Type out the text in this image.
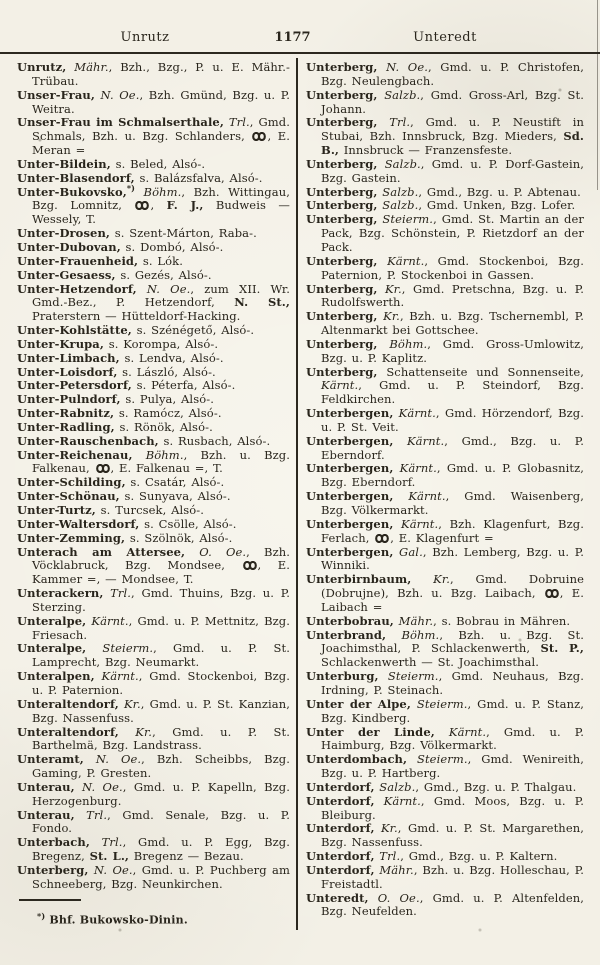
Unrutz	1177	Unteredt

Unrutz, Mähr., Bzh., Bzg., P. u. E. Mähr.-Trübau.

Unser-Frau, N. Oe., Bzh. Gmünd, Bzg. u. P. Weitra.

Unser-Frau im Schmalserthale, Trl., Gmd. Schmals, Bzh. u. Bzg. Schlanders, , E. Meran =

Unter-Bildein, s. Beled, Alsó-.

Unter-Blasendorf, s. Balázsfalva, Alsó-.

Unter-Bukovsko,*) Böhm., Bzh. Wittingau, Bzg. Lomnitz, , F. J., Budweis — Wessely, T.

Unter-Drosen, s. Szent-Márton, Raba-.

Unter-Dubovan, s. Dombó, Alsó-.

Unter-Frauenheid, s. Lók.

Unter-Gesaess, s. Gezés, Alsó-.

Unter-Hetzendorf, N. Oe., zum XII. Wr. Gmd.-Bez., P. Hetzendorf, N. St., Praterstern — Hütteldorf-Hacking.

Unter-Kohlstätte, s. Szénégető, Alsó-.

Unter-Krupa, s. Korompa, Alsó-.

Unter-Limbach, s. Lendva, Alsó-.

Unter-Loisdorf, s. László, Alsó-.

Unter-Petersdorf, s. Péterfa, Alsó-.

Unter-Pulndorf, s. Pulya, Alsó-.

Unter-Rabnitz, s. Ramócz, Alsó-.

Unter-Radling, s. Rönök, Alsó-.

Unter-Rauschenbach, s. Rusbach, Alsó-.

Unter-Reichenau, Böhm., Bzh. u. Bzg. Falkenau, , E. Falkenau =, T.

Unter-Schilding, s. Csatár, Alsó-.

Unter-Schönau, s. Sunyava, Alsó-.

Unter-Turtz, s. Turcsek, Alsó-.

Unter-Waltersdorf, s. Csölle, Alsó-.

Unter-Zemming, s. Szölnök, Alsó-.

Unterach am Attersee, O. Oe., Bzh. Vöcklabruck, Bzg. Mondsee, , E. Kammer =, — Mondsee, T.

Unterackern, Trl., Gmd. Thuins, Bzg. u. P. Sterzing.

Unteralpe, Kärnt., Gmd. u. P. Mettnitz, Bzg. Friesach.

Unteralpe, Steierm., Gmd. u. P. St. Lamprecht, Bzg. Neumarkt.

Unteralpen, Kärnt., Gmd. Stockenboi, Bzg. u. P. Paternion.

Unteraltendorf, Kr., Gmd. u. P. St. Kanzian, Bzg. Nassenfuss.

Unteraltendorf, Kr., Gmd. u. P. St. Barthelmä, Bzg. Landstrass.

Unteramt, N. Oe., Bzh. Scheibbs, Bzg. Gaming, P. Gresten.

Unterau, N. Oe., Gmd. u. P. Kapelln, Bzg. Herzogenburg.

Unterau, Trl., Gmd. Senale, Bzg. u. P. Fondo.

Unterbach, Trl., Gmd. u. P. Egg, Bzg. Bregenz, St. L., Bregenz — Bezau.

Unterberg, N. Oe., Gmd. u. P. Puchberg am Schneeberg, Bzg. Neunkirchen.

Unterberg, N. Oe., Gmd. u. P. Christofen, Bzg. Neulengbach.

Unterberg, Salzb., Gmd. Gross-Arl, Bzg. St. Johann.

Unterberg, Trl., Gmd. u. P. Neustift in Stubai, Bzh. Innsbruck, Bzg. Mieders, Sd. B., Innsbruck — Franzensfeste.

Unterberg, Salzb., Gmd. u. P. Dorf-Gastein, Bzg. Gastein.

Unterberg, Salzb., Gmd., Bzg. u. P. Abtenau.

Unterberg, Salzb., Gmd. Unken, Bzg. Lofer.

Unterberg, Steierm., Gmd. St. Martin an der Pack, Bzg. Schönstein, P. Rietzdorf an der Pack.

Unterberg, Kärnt., Gmd. Stockenboi, Bzg. Paternion, P. Stockenboi in Gassen.

Unterberg, Kr., Gmd. Pretschna, Bzg. u. P. Rudolfswerth.

Unterberg, Kr., Bzh. u. Bzg. Tschernembl, P. Altenmarkt bei Gottschee.

Unterberg, Böhm., Gmd. Gross-Umlowitz, Bzg. u. P. Kaplitz.

Unterberg, Schattenseite und Sonnenseite, Kärnt., Gmd. u. P. Steindorf, Bzg. Feldkirchen.

Unterbergen, Kärnt., Gmd. Hörzendorf, Bzg. u. P. St. Veit.

Unterbergen, Kärnt., Gmd., Bzg. u. P. Eberndorf.

Unterbergen, Kärnt., Gmd. u. P. Globasnitz, Bzg. Eberndorf.

Unterbergen, Kärnt., Gmd. Waisenberg, Bzg. Völkermarkt.

Unterbergen, Kärnt., Bzh. Klagenfurt, Bzg. Ferlach, , E. Klagenfurt =

Unterbergen, Gal., Bzh. Lemberg, Bzg. u. P. Winniki.

Unterbirnbaum, Kr., Gmd. Dobruine (Dobrujne), Bzh. u. Bzg. Laibach, , E. Laibach =

Unterbobrau, Mähr., s. Bobrau in Mähren.

Unterbrand, Böhm., Bzh. u. Bzg. St. Joachimsthal, P. Schlackenwerth, St. P., Schlackenwerth — St. Joachimsthal.

Unterburg, Steierm., Gmd. Neuhaus, Bzg. Irdning, P. Steinach.

Unter der Alpe, Steierm., Gmd. u. P. Stanz, Bzg. Kindberg.

Unter der Linde, Kärnt., Gmd. u. P. Haimburg, Bzg. Völkermarkt.

Unterdombach, Steierm., Gmd. Wenireith, Bzg. u. P. Hartberg.

Unterdorf, Salzb., Gmd., Bzg. u. P. Thalgau.

Unterdorf, Kärnt., Gmd. Moos, Bzg. u. P. Bleiburg.

Unterdorf, Kr., Gmd. u. P. St. Margarethen, Bzg. Nassenfuss.

Unterdorf, Trl., Gmd., Bzg. u. P. Kaltern.

Unterdorf, Mähr., Bzh. u. Bzg. Holleschau, P. Freistadtl.

Unteredt, O. Oe., Gmd. u. P. Altenfelden, Bzg. Neufelden.

*) Bhf. Bukowsko-Dinin.
